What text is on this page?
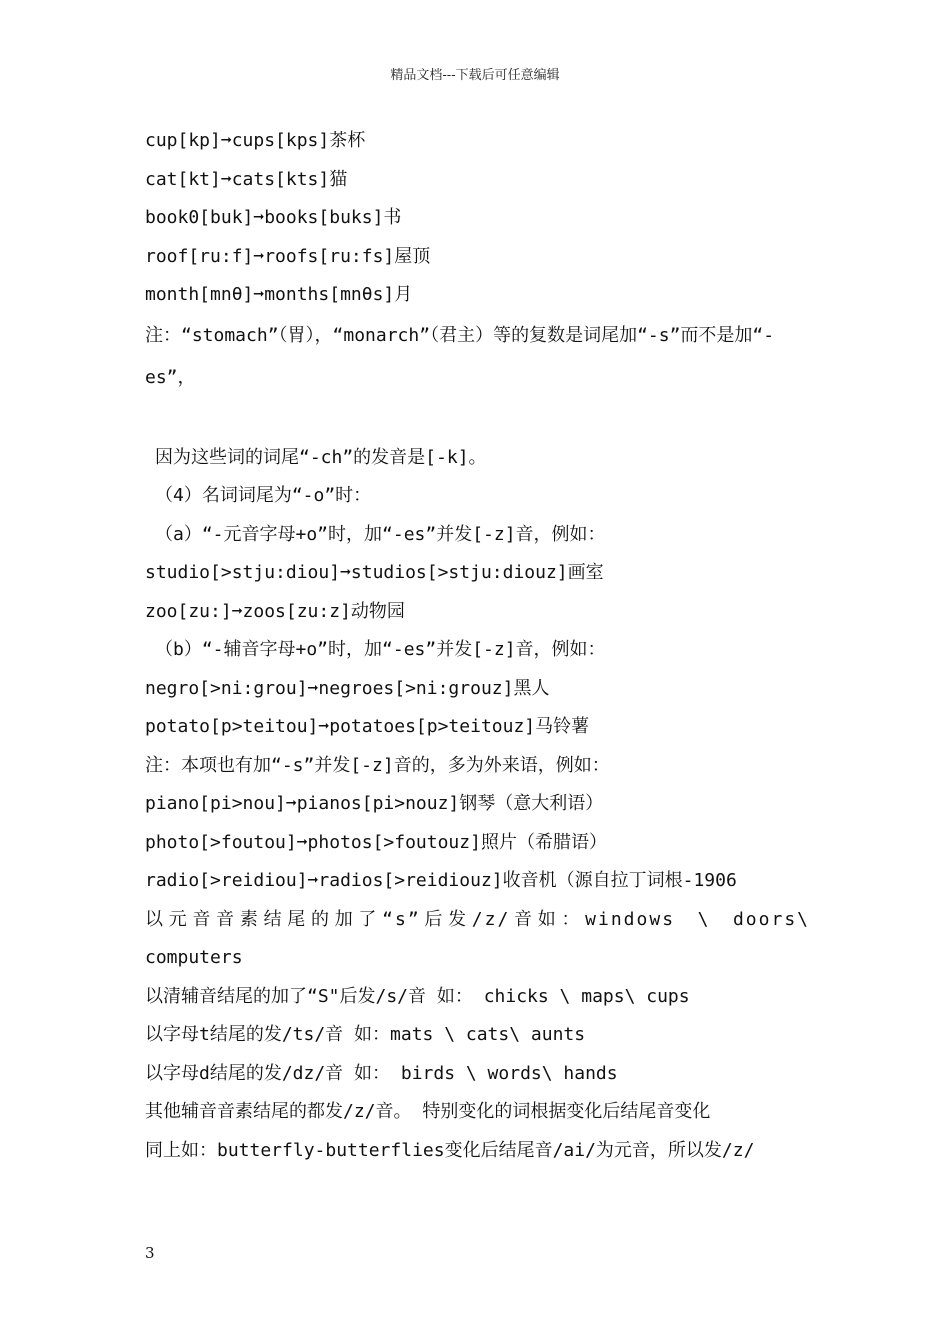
精品文档---下载后可任意编辑
cup[kp]➞cups[kps]茶杯
cat[kt]➞cats[kts]猫
book0[buk]➞books[buks]书
roof[ru:f]➞roofs[ru:fs]屋顶
month[mnθ]➞months[mnθs]月
注：“stomach”（胃），“monarch”（君主）等的复数是词尾加“-s”而不是加“-es”，
因为这些词的词尾“-ch”的发音是[-k]。
（4）名词词尾为“-o”时：
（a）“-元音字母+o”时，加“-es”并发[-z]音，例如：
studio[>stju:diou]➞studios[>stju:diouz]画室
zoo[zu:]➞zoos[zu:z]动物园
（b）“-辅音字母+o”时，加“-es”并发[-z]音，例如：
negro[>ni:grou]➞negroes[>ni:grouz]黑人
potato[p>teitou]➞potatoes[p>teitouz]马铃薯
注：本项也有加“-s”并发[-z]音的，多为外来语，例如：
piano[pi>nou]➞pianos[pi>nouz]钢琴（意大利语）
photo[>foutou]➞photos[>foutouz]照片（希腊语）
radio[>reidiou]➞radios[>reidiouz]收音机（源自拉丁词根-1906
以元音音素结尾的加了“s”后发/z/音如：windows \ doors\
computers
以清辅音结尾的加了“S"后发/s/音 如： chicks \ maps\ cups
以字母t结尾的发/ts/音 如：mats \ cats\ aunts
以字母d结尾的发/dz/音 如： birds \ words\ hands
其他辅音音素结尾的都发/z/音。 特别变化的词根据变化后结尾音变化
同上如：butterfly-butterflies变化后结尾音/ai/为元音，所以发/z/
3
